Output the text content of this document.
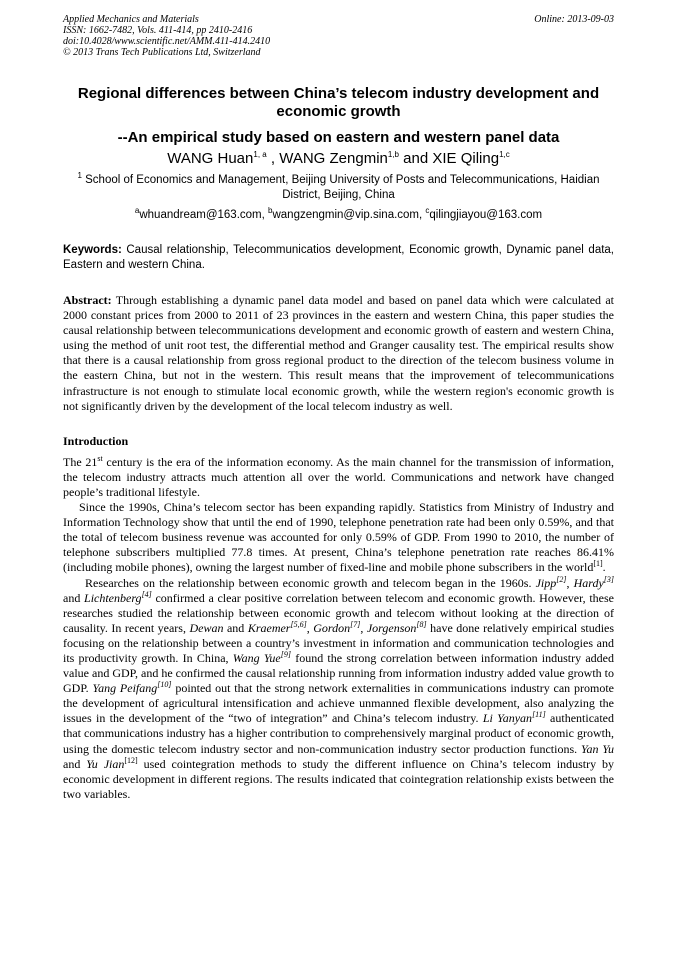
Applied Mechanics and Materials
ISSN: 1662-7482, Vols. 411-414, pp 2410-2416
doi:10.4028/www.scientific.net/AMM.411-414.2410
© 2013 Trans Tech Publications Ltd, Switzerland
Online: 2013-09-03
Regional differences between China’s telecom industry development and economic growth
--An empirical study based on eastern and western panel data
WANG Huan$^{1, a}$ , WANG Zengmin$^{1,b}$ and XIE Qiling$^{1,c}$
$^1$ School of Economics and Management, Beijing University of Posts and Telecommunications, Haidian District, Beijing, China
$^a$whuandream@163.com, $^b$wangzengmin@vip.sina.com, $^c$qilingjiayou@163.com
Keywords: Causal relationship, Telecommunicatios development, Economic growth, Dynamic panel data, Eastern and western China.
Abstract: Through establishing a dynamic panel data model and based on panel data which were calculated at 2000 constant prices from 2000 to 2011 of 23 provinces in the eastern and western China, this paper studies the causal relationship between telecommunications development and economic growth of eastern and western China, using the method of unit root test, the differential method and Granger causality test. The empirical results show that there is a causal relationship from gross regional product to the direction of the telecom business volume in the eastern China, but not in the western. This result means that the improvement of telecommunications infrastructure is not enough to stimulate local economic growth, while the western region's economic growth is not significantly driven by the development of the local telecom industry as well.
Introduction

The 21st century is the era of the information economy. As the main channel for the transmission of information, the telecom industry attracts much attention all over the world. Communications and network have changed people’s traditional lifestyle.

Since the 1990s, China’s telecom sector has been expanding rapidly. Statistics from Ministry of Industry and Information Technology show that until the end of 1990, telephone penetration rate had been only 0.59%, and that the total of telecom business revenue was accounted for only 0.59% of GDP. From 1990 to 2010, the number of telephone subscribers multiplied 77.8 times. At present, China’s telephone penetration rate reaches 86.41% (including mobile phones), owning the largest number of fixed-line and mobile phone subscribers in the world[1].

Researches on the relationship between economic growth and telecom began in the 1960s. Jipp[2], Hardy[3] and Lichtenberg[4] confirmed a clear positive correlation between telecom and economic growth. However, these researches studied the relationship between economic growth and telecom without looking at the direction of causality. In recent years, Dewan and Kraemer[5,6], Gordon[7], Jorgenson[8] have done relatively empirical studies focusing on the relationship between a country’s investment in information and communication technologies and its productivity growth. In China, Wang Yue[9] found the strong correlation between information industry added value and GDP, and he confirmed the causal relationship running from information industry added value growth to GDP. Yang Peifang[10] pointed out that the strong network externalities in communications industry can promote the development of agricultural intensification and achieve unmanned flexible development, also analyzing the issues in the development of the “two of integration” and China’s telecom industry. Li Yanyan[11] authenticated that communications industry has a higher contribution to comprehensively marginal product of economic growth, using the domestic telecom industry sector and non-communication industry sector production functions. Yan Yu and Yu Jian[12] used cointegration methods to study the different influence on China’s telecom industry by economic development in different regions. The results indicated that cointegration relationship exists between the two variables.
